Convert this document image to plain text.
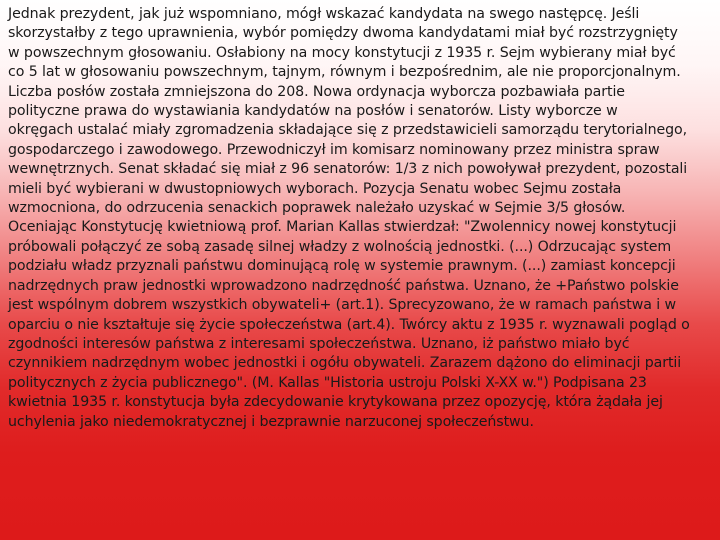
Jednak prezydent, jak już wspomniano, mógł wskazać kandydata na swego następcę. Jeśli
skorzystałby z tego uprawnienia, wybór pomiędzy dwoma kandydatami miał być rozstrzygnięty
w powszechnym głosowaniu. Osłabiony na mocy konstytucji z 1935 r. Sejm wybierany miał być
co 5 lat w głosowaniu powszechnym, tajnym, równym i bezpośrednim, ale nie proporcjonalnym.
Liczba posłów została zmniejszona do 208. Nowa ordynacja wyborcza pozbawiała partie
polityczne prawa do wystawiania kandydatów na posłów i senatorów. Listy wyborcze w
okręgach ustalać miały zgromadzenia składające się z przedstawicieli samorządu terytorialnego,
gospodarczego i zawodowego. Przewodniczył im komisarz nominowany przez ministra spraw
wewnętrznych. Senat składać się miał z 96 senatorów: 1/3 z nich powoływał prezydent, pozostali
mieli być wybierani w dwustopniowych wyborach. Pozycja Senatu wobec Sejmu została
wzmocniona, do odrzucenia senackich poprawek należało uzyskać w Sejmie 3/5 głosów.
Oceniając Konstytucję kwietniową prof. Marian Kallas stwierdzał: "Zwolennicy nowej konstytucji
próbowali połączyć ze sobą zasadę silnej władzy z wolnością jednostki. (...) Odrzucając system
podziału władz przyznali państwu dominującą rolę w systemie prawnym. (...) zamiast koncepcji
nadrzędnych praw jednostki wprowadzono nadrzędność państwa. Uznano, że +Państwo polskie
jest wspólnym dobrem wszystkich obywateli+ (art.1). Sprecyzowano, że w ramach państwa i w
oparciu o nie kształtuje się życie społeczeństwa (art.4). Twórcy aktu z 1935 r. wyznawali pogląd o
zgodności interesów państwa z interesami społeczeństwa. Uznano, iż państwo miało być
czynnikiem nadrzędnym wobec jednostki i ogółu obywateli. Zarazem dążono do eliminacji partii
politycznych z życia publicznego". (M. Kallas "Historia ustroju Polski X-XX w.") Podpisana 23
kwietnia 1935 r. konstytucja była zdecydowanie krytykowana przez opozycję, która żądała jej
uchylenia jako niedemokratycznej i bezprawnie narzuconej społeczeństwu.
